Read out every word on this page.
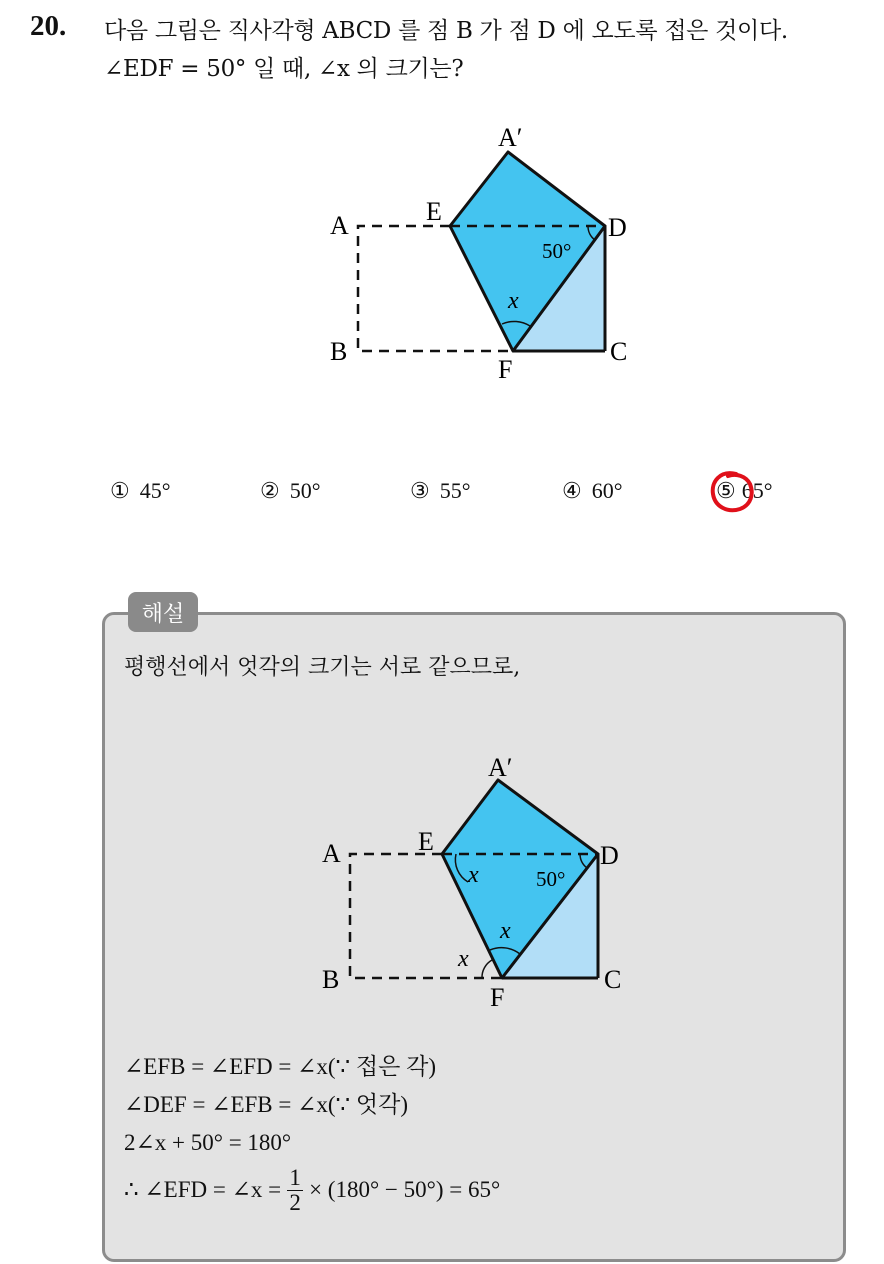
20. 다음 그림은 직사각형 ABCD 를 점 B 가 점 D 에 오도록 접은 것이다.
∠EDF = 50° 일 때, ∠x 의 크기는?
A′
A	E
D
B
F
C
50°
x
① 45°	② 50°	③ 55°	④ 60°	⑤ 65°
해설
평행선에서 엇각의 크기는 서로 같으므로,
A′
A	E	D
B
F
C
50°
x
x
x
∠EFB = ∠EFD = ∠x(∵ 접은 각)
∠DEF = ∠EFB = ∠x(∵ 엇각)
2∠x + 50° = 180°
∴ ∠EFD = ∠x = $\frac{1}{2} \times (180^\circ - 50^\circ) = 65^\circ$
